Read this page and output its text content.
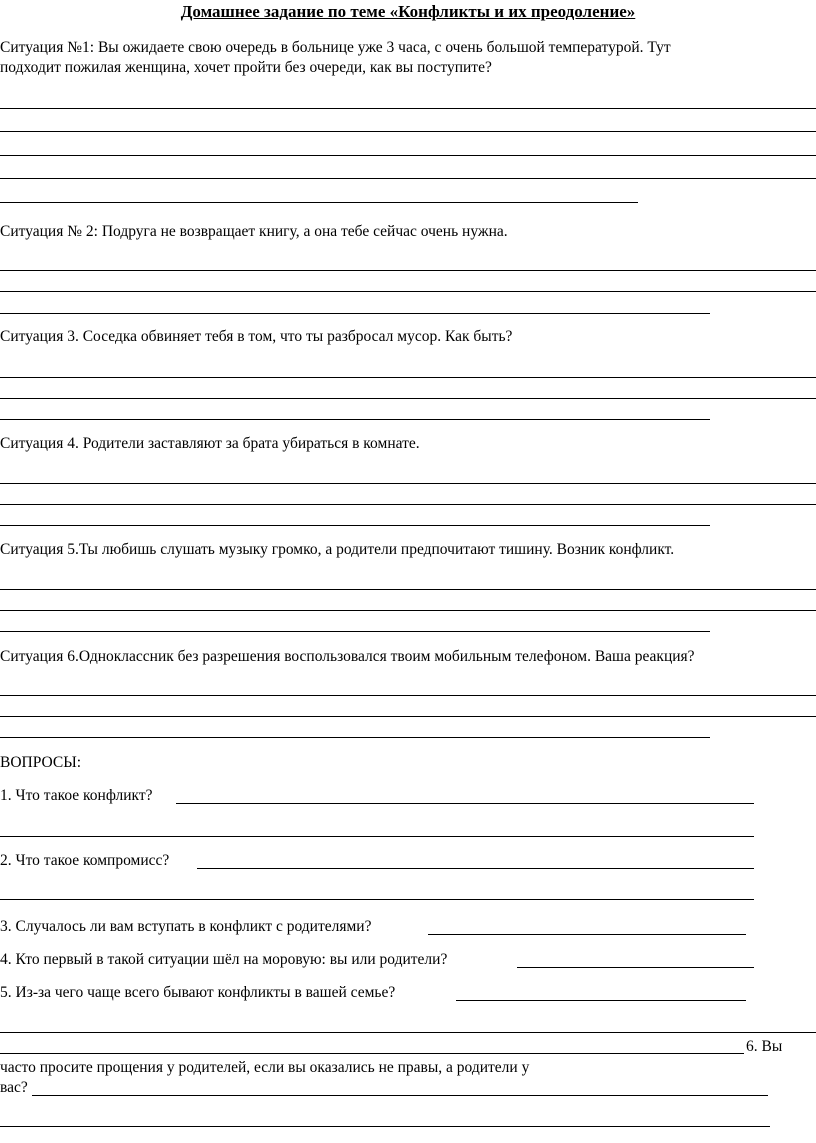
Домашнее задание по теме «Конфликты и их преодоление»
Ситуация №1: Вы ожидаете свою очередь в больнице уже 3 часа, с очень большой температурой. Тут
подходит пожилая женщина, хочет пройти без очереди, как вы поступите?
Ситуация № 2: Подруга не возвращает книгу, а она тебе сейчас очень нужна.
Ситуация 3. Соседка обвиняет тебя в том, что ты разбросал мусор. Как быть?
Ситуация 4. Родители заставляют за брата убираться в комнате.
Ситуация 5.Ты любишь слушать музыку громко, а родители предпочитают тишину. Возник конфликт.
Ситуация 6.Одноклассник без разрешения воспользовался твоим мобильным телефоном. Ваша реакция?
ВОПРОСЫ:
1. Что такое конфликт?
2. Что такое компромисс?
3. Случалось ли вам вступать в конфликт с родителями?
4. Кто первый в такой ситуации шёл на моровую: вы или родители?
5. Из-за чего чаще всего бывают конфликты в вашей семье?
6. Вы
часто просите прощения у родителей, если вы оказались не правы, а родители у
вас?
